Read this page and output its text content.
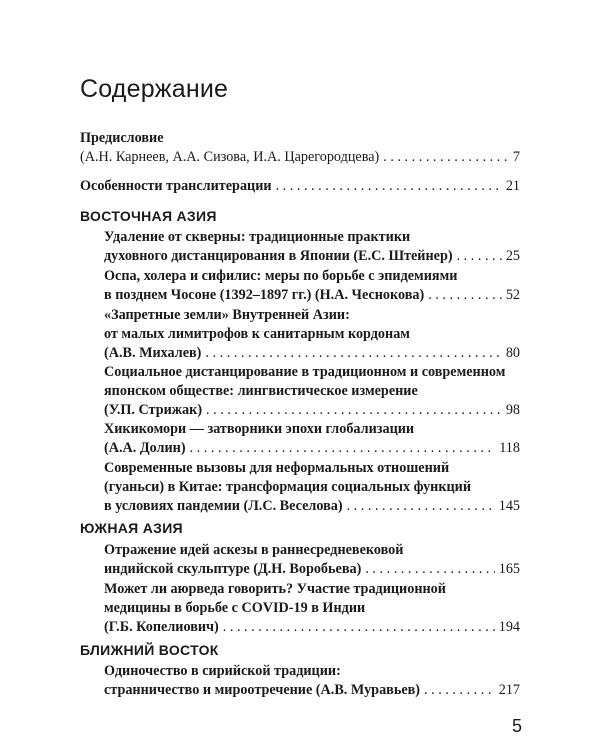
Содержание
Предисловие
(А.Н. Карнеев, А.А. Сизова, И.А. Царегородцева) . . .	7
Особенности транслитерации . . .	21
ВОСТОЧНАЯ АЗИЯ
Удаление от скверны: традиционные практики
духовного дистанцирования в Японии (Е.С. Штейнер) . . .	25
Оспа, холера и сифилис: меры по борьбе с эпидемиями
в позднем Чосоне (1392–1897 гг.) (Н.А. Чеснокова) . . .	52
«Запретные земли» Внутренней Азии:
от малых лимитрофов к санитарным кордонам
(А.В. Михалев) . . .	80
Социальное дистанцирование в традиционном и современном
японском обществе: лингвистическое измерение
(У.П. Стрижак) . . .	98
Хикикомори — затворники эпохи глобализации
(А.А. Долин) . . .	118
Современные вызовы для неформальных отношений
(гуаньси) в Китае: трансформация социальных функций
в условиях пандемии (Л.С. Веселова) . . .	145
ЮЖНАЯ АЗИЯ
Отражение идей аскезы в раннесредневековой
индийской скульптуре (Д.Н. Воробьева) . . .	165
Может ли аюрведа говорить? Участие традиционной
медицины в борьбе с COVID-19 в Индии
(Г.Б. Копелиович) . . .	194
БЛИЖНИЙ ВОСТОК
Одиночество в сирийской традиции:
странничество и мироотречение (А.В. Муравьев) . . .	217
5
